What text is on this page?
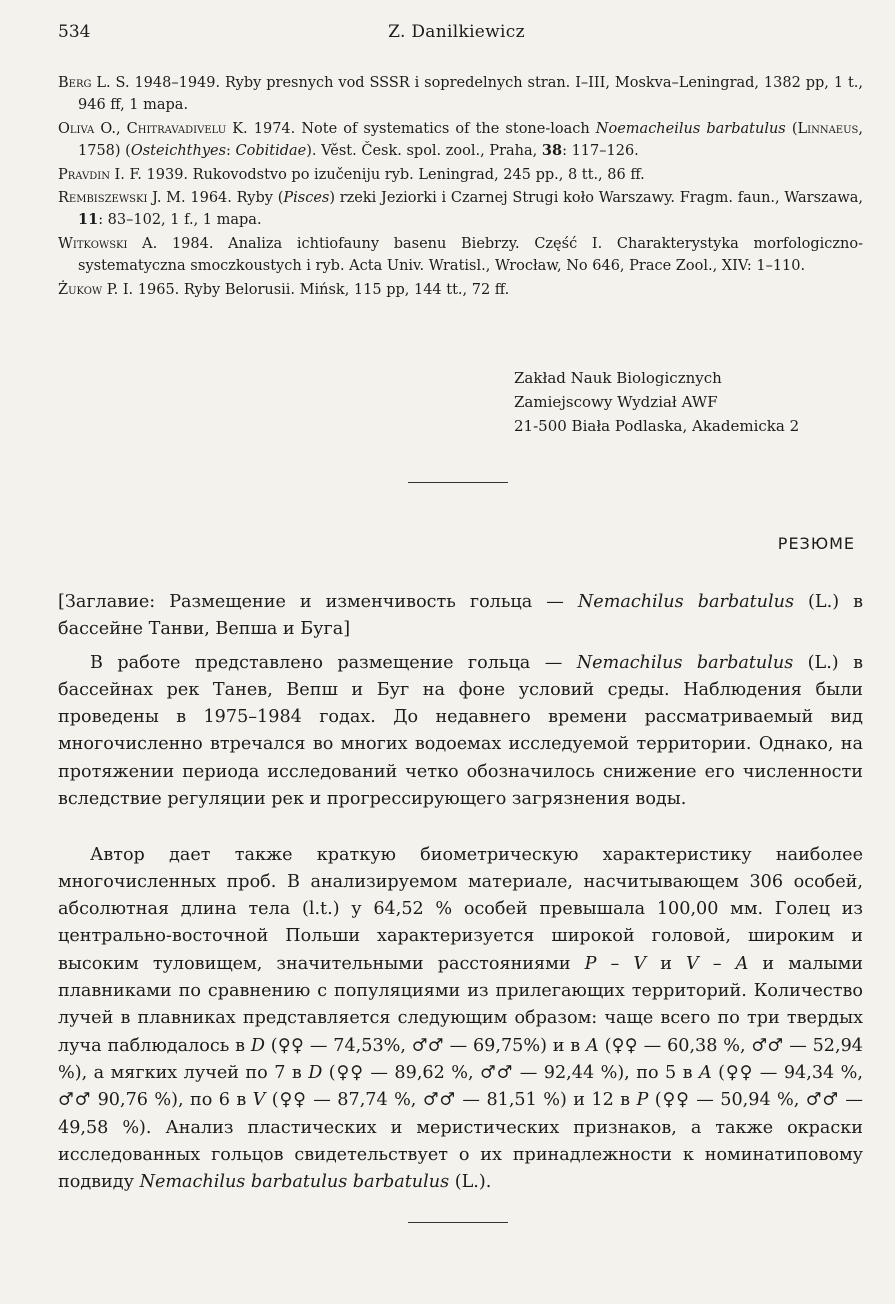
534	Z. Danilkiewicz

Berg L. S. 1948–1949. Ryby presnych vod SSSR i sopredelnych stran. I–III, Moskva–Leningrad, 1382 pp, 1 t., 946 ff, 1 mapa.

Oliva O., Chitravadivelu K. 1974. Note of systematics of the stone-loach Noemacheilus barbatulus (Linnaeus, 1758) (Osteichthyes: Cobitidae). Věst. Česk. spol. zool., Praha, 38: 117–126.

Pravdin I. F. 1939. Rukovodstvo po izučeniju ryb. Leningrad, 245 pp., 8 tt., 86 ff.

Rembiszewski J. M. 1964. Ryby (Pisces) rzeki Jeziorki i Czarnej Strugi koło Warszawy. Fragm. faun., Warszawa, 11: 83–102, 1 f., 1 mapa.

Witkowski A. 1984. Analiza ichtiofauny basenu Biebrzy. Część I. Charakterystyka morfologiczno-systematyczna smoczkoustych i ryb. Acta Univ. Wratisl., Wrocław, No 646, Prace Zool., XIV: 1–110.

Żukow P. I. 1965. Ryby Belorusii. Mińsk, 115 pp, 144 tt., 72 ff.

Zakład Nauk Biologicznych
Zamiejscowy Wydział AWF
21-500 Biała Podlaska, Akademicka 2
РЕЗЮМЕ

[Заглавие: Размещение и изменчивость гольца — Nemachilus barbatulus (L.) в бассейне Танви, Вепша и Буга]

В работе представлено размещение гольца — Nemachilus barbatulus (L.) в бассейнах рек Танев, Вепш и Буг на фоне условий среды. Наблюдения были проведены в 1975–1984 годах. До недавнего времени рассматриваемый вид многочисленно втречался во многих водоемах исследуемой территории. Однако, на протяжении периода исследований четко обозначилось снижение его численности вследствие регуляции рек и прогрессирующего загрязнения воды.

Автор дает также краткую биометрическую характеристику наиболее многочисленных проб. В анализируемом материале, насчитывающем 306 особей, абсолютная длина тела (l.t.) у 64,52 % особей превышала 100,00 мм. Голец из центрально-восточной Польши характеризуется широкой головой, широким и высоким туловищем, значительными расстояниями P – V и V – A и малыми плавниками по сравнению с популяциями из прилегающих территорий. Количество лучей в плавниках представляется следующим образом: чаще всего по три твердых луча паблюдалось в D (♀♀ — 74,53%, ♂♂ — 69,75%) и в A (♀♀ — 60,38 %, ♂♂ — 52,94 %), а мягких лучей по 7 в D (♀♀ — 89,62 %, ♂♂ — 92,44 %), по 5 в A (♀♀ — 94,34 %, ♂♂ 90,76 %), по 6 в V (♀♀ — 87,74 %, ♂♂ — 81,51 %) и 12 в P (♀♀ — 50,94 %, ♂♂ — 49,58 %). Анализ пластических и меристических признаков, а также окраски исследованных гольцов свидетельствует о их принадлежности к номинатиповому подвиду Nemachilus barbatulus barbatulus (L.).
